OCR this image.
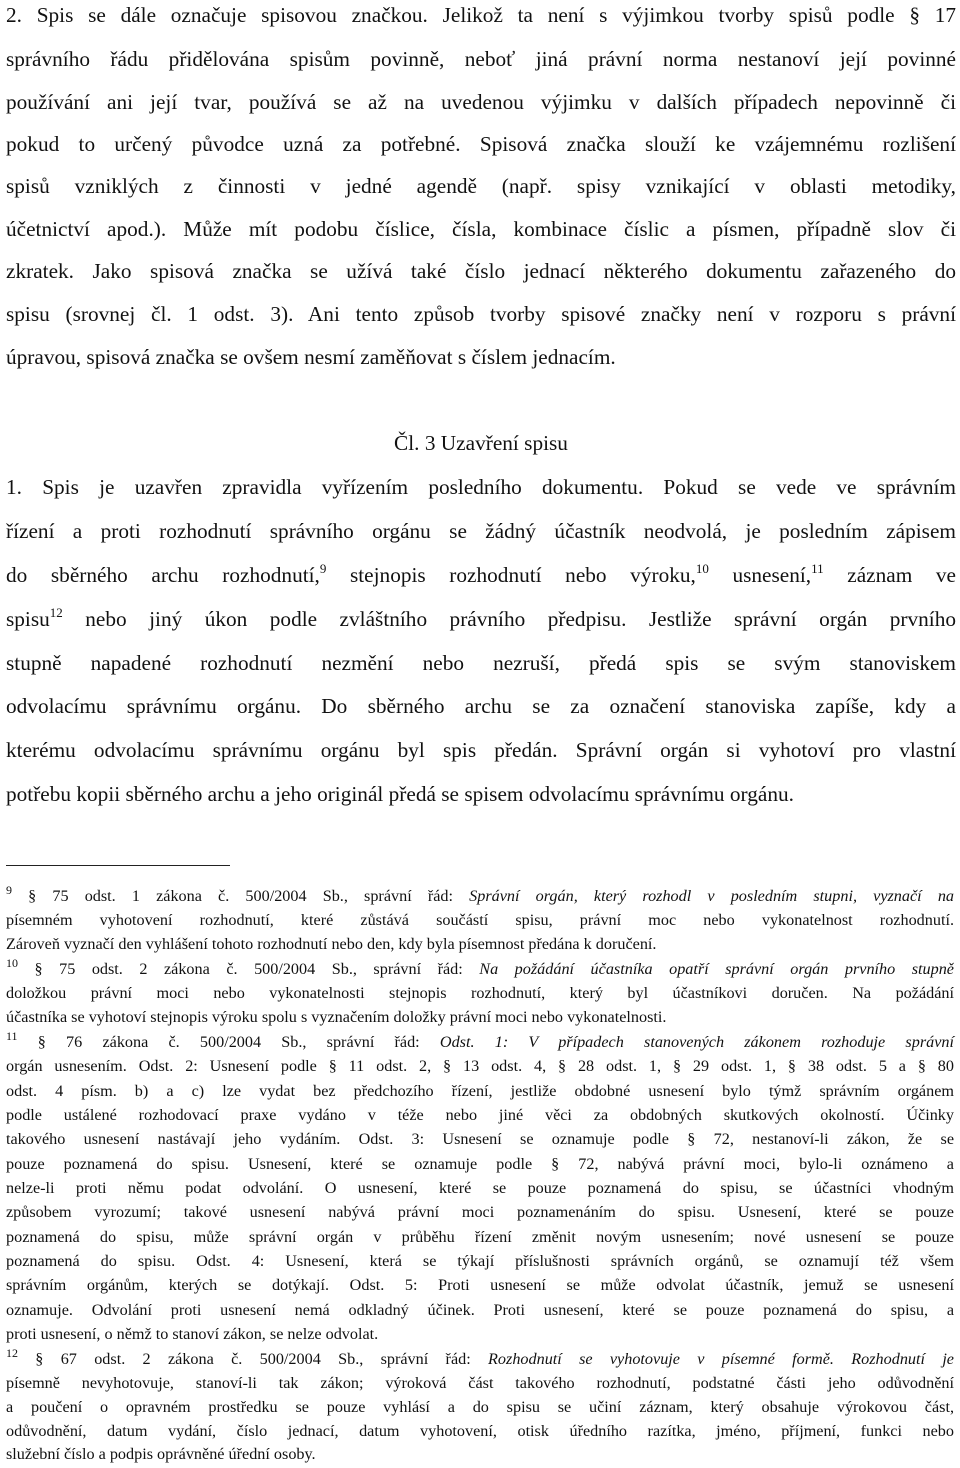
2. Spis se dále označuje spisovou značkou. Jelikož ta není s výjimkou tvorby spisů podle § 17
správního řádu přidělována spisům povinně, neboť jiná právní norma nestanoví její povinné
používání ani její tvar, používá se až na uvedenou výjimku v dalších případech nepovinně či
pokud to určený původce uzná za potřebné. Spisová značka slouží ke vzájemnému rozlišení
spisů vzniklých z činnosti v jedné agendě (např. spisy vznikající v oblasti metodiky,
účetnictví apod.). Může mít podobu číslice, čísla, kombinace číslic a písmen, případně slov či
zkratek. Jako spisová značka se užívá také číslo jednací některého dokumentu zařazeného do
spisu (srovnej čl. 1 odst. 3). Ani tento způsob tvorby spisové značky není v rozporu s právní
úpravou, spisová značka se ovšem nesmí zaměňovat s číslem jednacím.
Čl. 3 Uzavření spisu
1. Spis je uzavřen zpravidla vyřízením posledního dokumentu. Pokud se vede ve správním
řízení a proti rozhodnutí správního orgánu se žádný účastník neodvolá, je posledním zápisem
do sběrného archu rozhodnutí,$^9$ stejnopis rozhodnutí nebo výroku,$^{10}$ usnesení,$^{11}$ záznam ve
spisu$^{12}$ nebo jiný úkon podle zvláštního právního předpisu. Jestliže správní orgán prvního
stupně napadené rozhodnutí nezmění nebo nezruší, předá spis se svým stanoviskem
odvolacímu správnímu orgánu. Do sběrného archu se za označení stanoviska zapíše, kdy a
kterému odvolacímu správnímu orgánu byl spis předán. Správní orgán si vyhotoví pro vlastní
potřebu kopii sběrného archu a jeho originál předá se spisem odvolacímu správnímu orgánu.
$^9$ § 75 odst. 1 zákona č. 500/2004 Sb., správní řád: Správní orgán, který rozhodl v posledním stupni, vyznačí na
písemném vyhotovení rozhodnutí, které zůstává součástí spisu, právní moc nebo vykonatelnost rozhodnutí.
Zároveň vyznačí den vyhlášení tohoto rozhodnutí nebo den, kdy byla písemnost předána k doručení.
$^{10}$ § 75 odst. 2 zákona č. 500/2004 Sb., správní řád: Na požádání účastníka opatří správní orgán prvního stupně
doložkou právní moci nebo vykonatelnosti stejnopis rozhodnutí, který byl účastníkovi doručen. Na požádání
účastníka se vyhotoví stejnopis výroku spolu s vyznačením doložky právní moci nebo vykonatelnosti.
$^{11}$ § 76 zákona č. 500/2004 Sb., správní řád: Odst. 1: V případech stanovených zákonem rozhoduje správní
orgán usnesením. Odst. 2: Usnesení podle § 11 odst. 2, § 13 odst. 4, § 28 odst. 1, § 29 odst. 1, § 38 odst. 5 a § 80
odst. 4 písm. b) a c) lze vydat bez předchozího řízení, jestliže obdobné usnesení bylo týmž správním orgánem
podle ustálené rozhodovací praxe vydáno v téže nebo jiné věci za obdobných skutkových okolností. Účinky
takového usnesení nastávají jeho vydáním. Odst. 3: Usnesení se oznamuje podle § 72, nestanoví-li zákon, že se
pouze poznamená do spisu. Usnesení, které se oznamuje podle § 72, nabývá právní moci, bylo-li oznámeno a
nelze-li proti němu podat odvolání. O usnesení, které se pouze poznamená do spisu, se účastníci vhodným
způsobem vyrozumí; takové usnesení nabývá právní moci poznamenáním do spisu. Usnesení, které se pouze
poznamená do spisu, může správní orgán v průběhu řízení změnit novým usnesením; nové usnesení se pouze
poznamená do spisu. Odst. 4: Usnesení, která se týkají příslušnosti správních orgánů, se oznamují též všem
správním orgánům, kterých se dotýkají. Odst. 5: Proti usnesení se může odvolat účastník, jemuž se usnesení
oznamuje. Odvolání proti usnesení nemá odkladný účinek. Proti usnesení, které se pouze poznamená do spisu, a
proti usnesení, o němž to stanoví zákon, se nelze odvolat.
$^{12}$ § 67 odst. 2 zákona č. 500/2004 Sb., správní řád: Rozhodnutí se vyhotovuje v písemné formě. Rozhodnutí je
písemně nevyhotovuje, stanoví-li tak zákon; výroková část takového rozhodnutí, podstatné části jeho odůvodnění
a poučení o opravném prostředku se pouze vyhlásí a do spisu se učiní záznam, který obsahuje výrokovou část,
odůvodnění, datum vydání, číslo jednací, datum vyhotovení, otisk úředního razítka, jméno, příjmení, funkci nebo
služební číslo a podpis oprávněné úřední osoby.
